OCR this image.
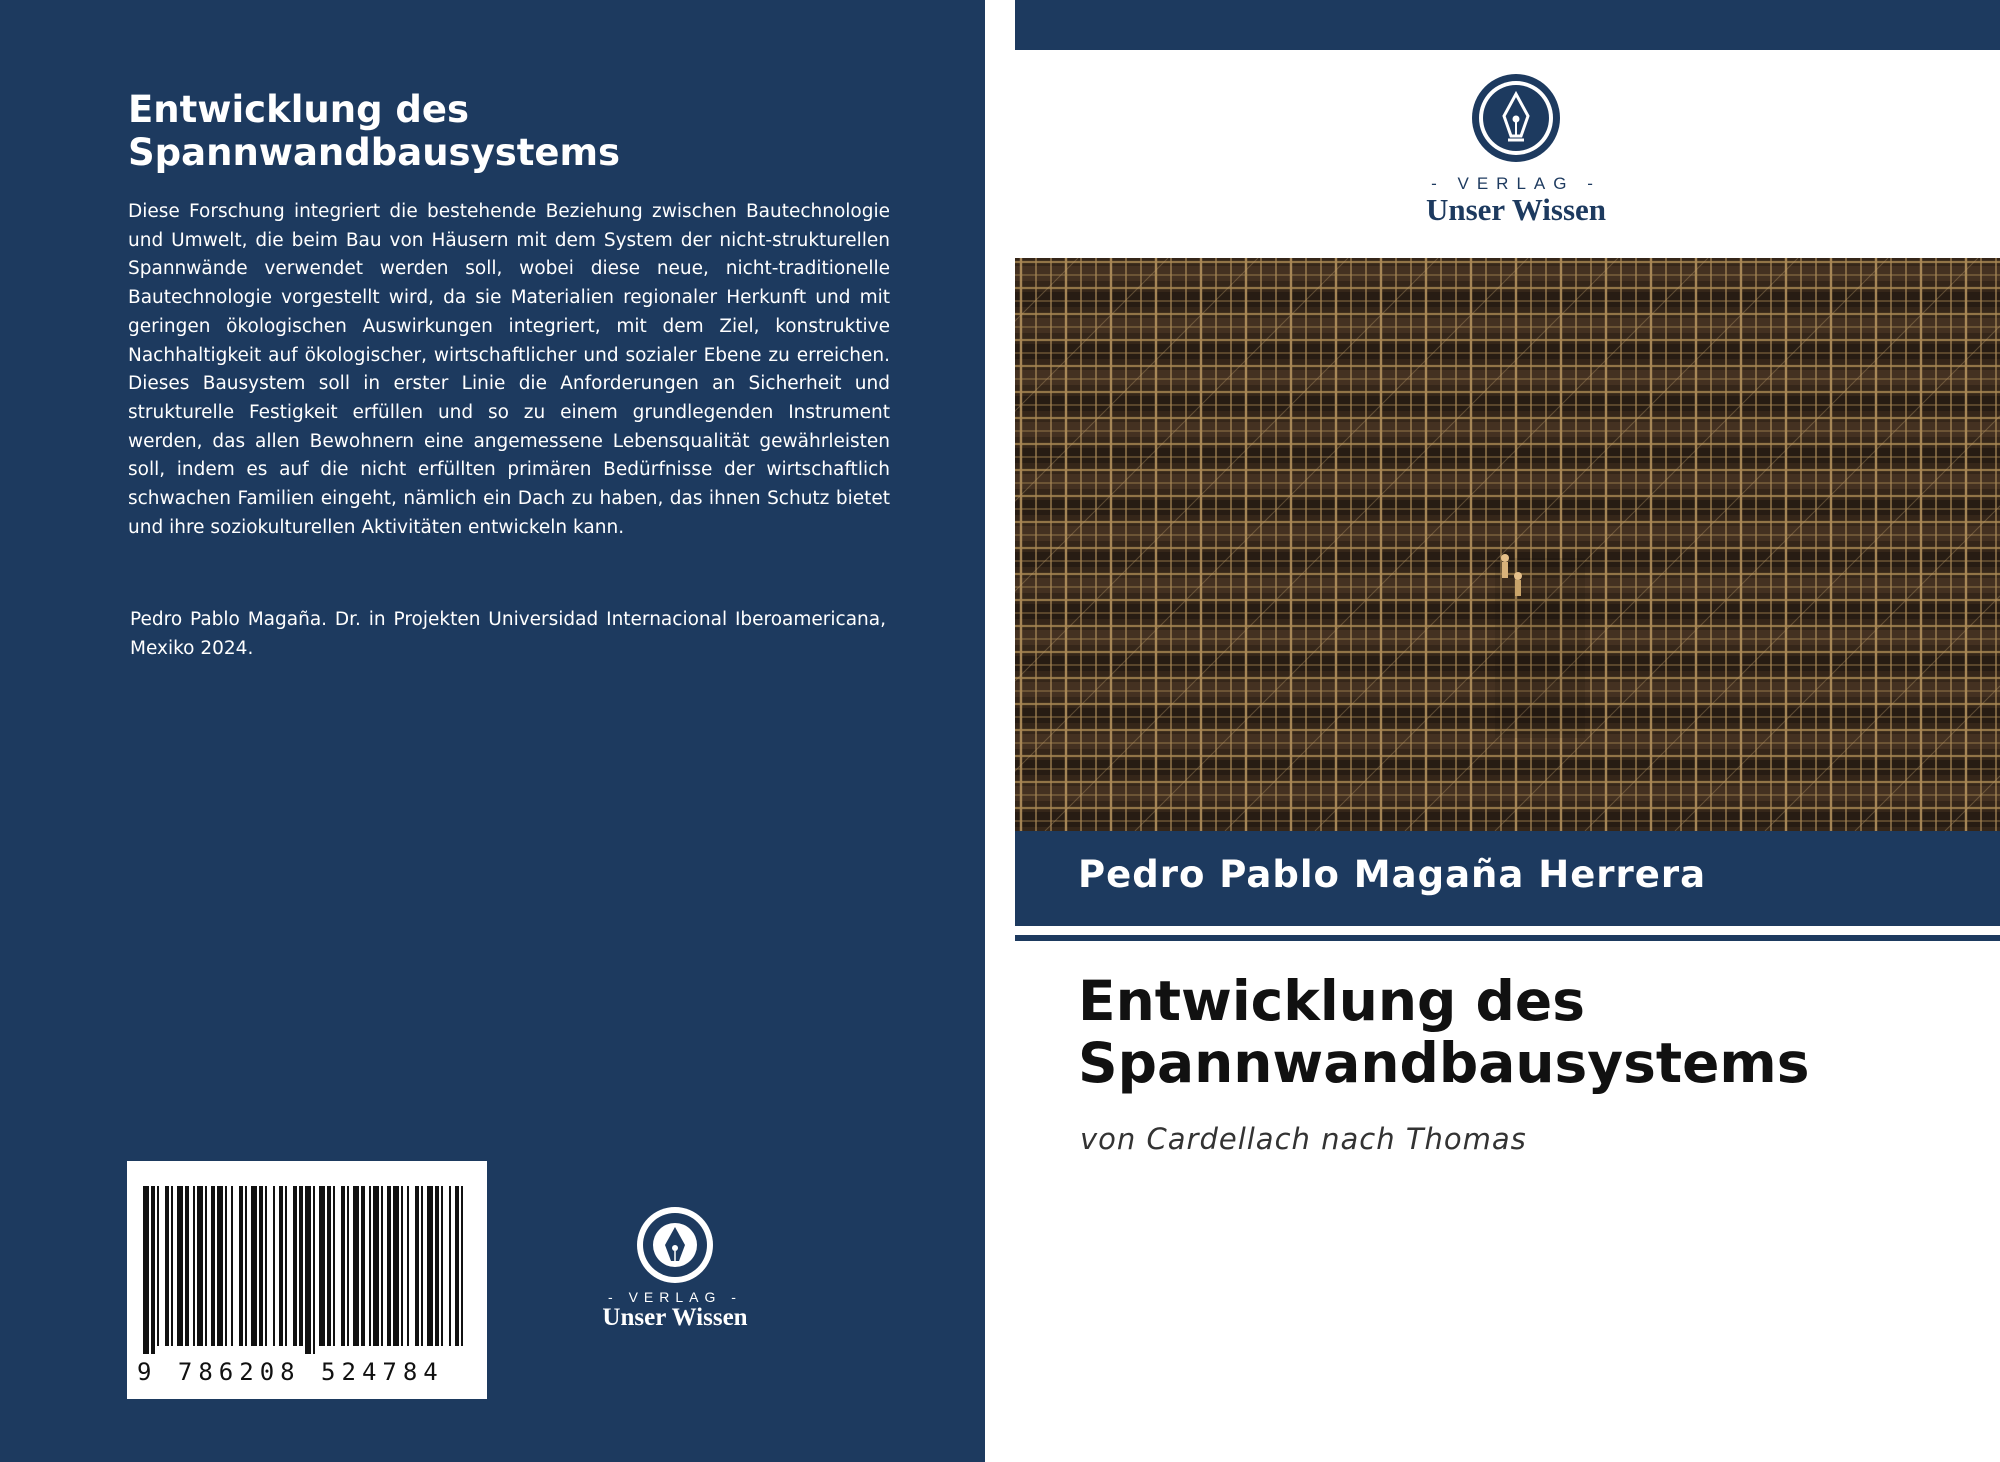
Entwicklung des Spannwandbausystems

Diese Forschung integriert die bestehende Beziehung zwischen Bautechnologie und Umwelt, die beim Bau von Häusern mit dem System der nicht-strukturellen Spannwände verwendet werden soll, wobei diese neue, nicht-traditionelle Bautechnologie vorgestellt wird, da sie Materialien regionaler Herkunft und mit geringen ökologischen Auswirkungen integriert, mit dem Ziel, konstruktive Nachhaltigkeit auf ökologischer, wirtschaftlicher und sozialer Ebene zu erreichen. Dieses Bausystem soll in erster Linie die Anforderungen an Sicherheit und strukturelle Festigkeit erfüllen und so zu einem grundlegenden Instrument werden, das allen Bewohnern eine angemessene Lebensqualität gewährleisten soll, indem es auf die nicht erfüllten primären Bedürfnisse der wirtschaftlich schwachen Familien eingeht, nämlich ein Dach zu haben, das ihnen Schutz bietet und ihre soziokulturellen Aktivitäten entwickeln kann.

Pedro Pablo Magaña. Dr. in Projekten Universidad Internacional Iberoamericana, Mexiko 2024.

9 786208 524784
- VERLAG -
Unser Wissen
- VERLAG -
Unser Wissen
Pedro Pablo Magaña Herrera
Entwicklung des Spannwandbausystems
von Cardellach nach Thomas
